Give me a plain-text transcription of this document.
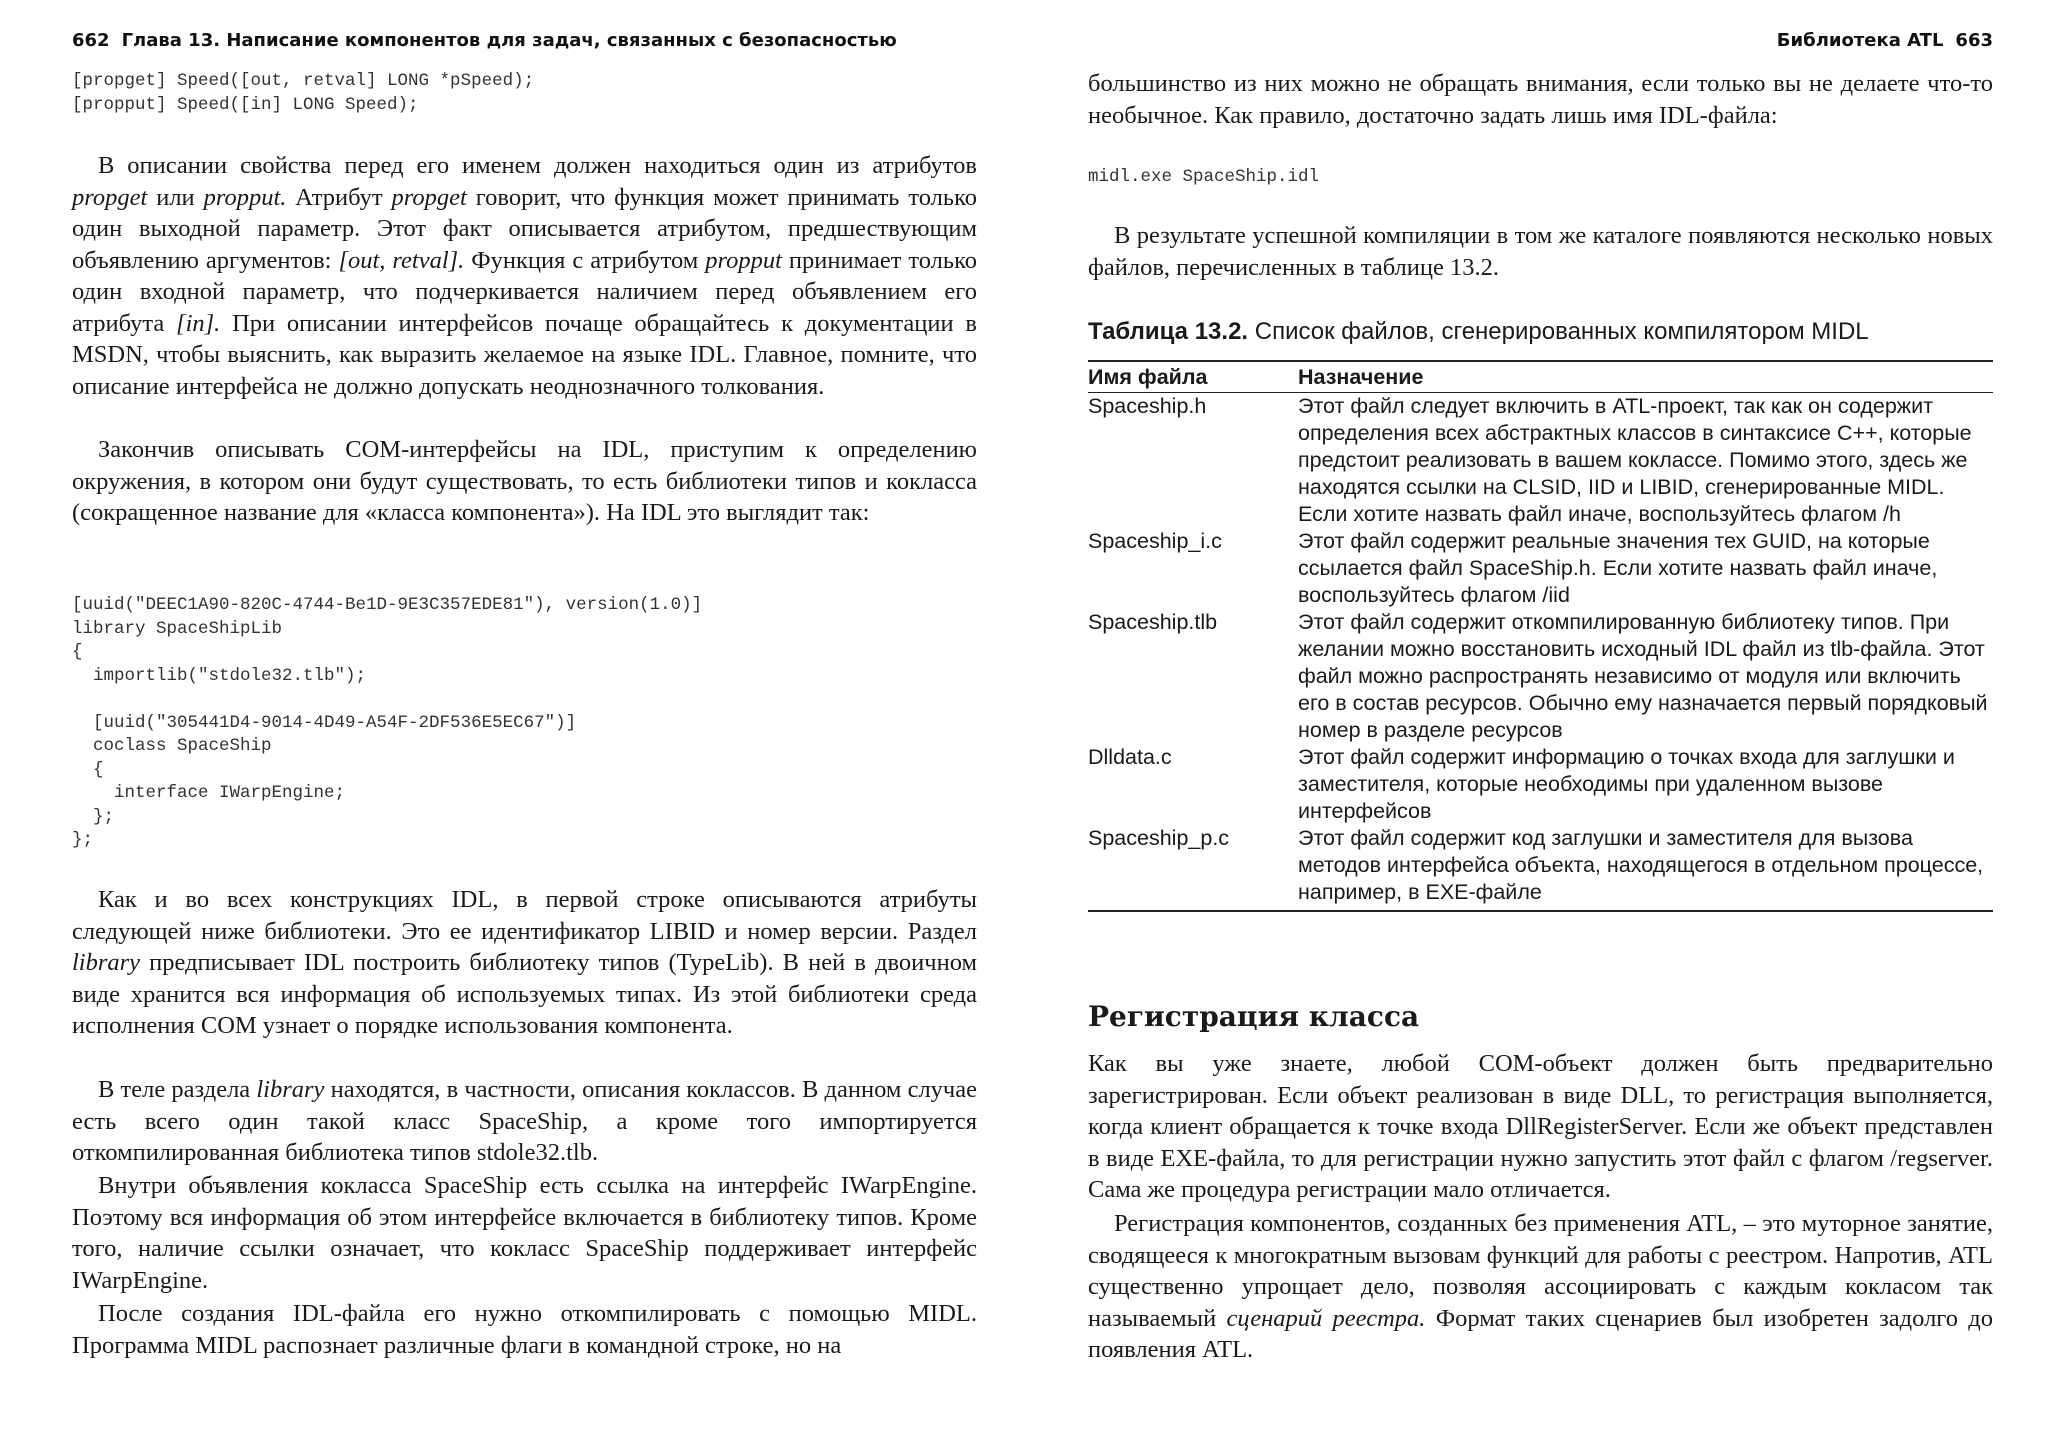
662 Глава 13. Написание компонентов для задач, связанных с безопасностью
[propget] Speed([out, retval] LONG *pSpeed);
[propput] Speed([in] LONG Speed);

В описании свойства перед его именем должен находиться один из атрибутов propget или propput. Атрибут propget говорит, что функция может принимать только один выходной параметр. Этот факт описывается атрибутом, предшествующим объявлению аргументов: [out, retval]. Функция с атрибутом propput принимает только один входной параметр, что подчеркивается наличием перед объявлением его атрибута [in]. При описании интерфейсов почаще обращайтесь к документации в MSDN, чтобы выяснить, как выразить желаемое на языке IDL. Главное, помните, что описание интерфейса не должно допускать неоднозначного толкования.

Закончив описывать COM-интерфейсы на IDL, приступим к определению окружения, в котором они будут существовать, то есть библиотеки типов и кокласса (сокращенное название для «класса компонента»). На IDL это выглядит так:

[uuid("DEEC1A90-820C-4744-Be1D-9E3C357EDE81"), version(1.0)]
library SpaceShipLib
{
importlib("stdole32.tlb");

[uuid("305441D4-9014-4D49-A54F-2DF536E5EC67")]
coclass SpaceShip
{
interface IWarpEngine;
};
};

Как и во всех конструкциях IDL, в первой строке описываются атрибуты следующей ниже библиотеки. Это ее идентификатор LIBID и номер версии. Раздел library предписывает IDL построить библиотеку типов (TypeLib). В ней в двоичном виде хранится вся информация об используемых типах. Из этой библиотеки среда исполнения COM узнает о порядке использования компонента.

В теле раздела library находятся, в частности, описания коклассов. В данном случае есть всего один такой класс SpaceShip, а кроме того импортируется откомпилированная библиотека типов stdole32.tlb.

Внутри объявления кокласса SpaceShip есть ссылка на интерфейс IWarpEngine. Поэтому вся информация об этом интерфейсе включается в библиотеку типов. Кроме того, наличие ссылки означает, что кокласс SpaceShip поддерживает интерфейс IWarpEngine.

После создания IDL-файла его нужно откомпилировать с помощью MIDL. Программа MIDL распознает различные флаги в командной строке, но на

Библиотека ATL 663

большинство из них можно не обращать внимания, если только вы не делаете что-то необычное. Как правило, достаточно задать лишь имя IDL-файла:

midl.exe SpaceShip.idl

В результате успешной компиляции в том же каталоге появляются несколько новых файлов, перечисленных в таблице 13.2.

Таблица 13.2. Список файлов, сгенерированных компилятором MIDL

Имя файла	Назначение
Spaceship.h	Этот файл следует включить в ATL-проект, так как он содержит определения всех абстрактных классов в синтаксисе C++, которые предстоит реализовать в вашем коклассе. Помимо этого, здесь же находятся ссылки на CLSID, IID и LIBID, сгенерированные MIDL. Если хотите назвать файл иначе, воспользуйтесь флагом /h
Spaceship_i.c	Этот файл содержит реальные значения тех GUID, на которые ссылается файл SpaceShip.h. Если хотите назвать файл иначе, воспользуйтесь флагом /iid
Spaceship.tlb	Этот файл содержит откомпилированную библиотеку типов. При желании можно восстановить исходный IDL файл из tlb-файла. Этот файл можно распространять независимо от модуля или включить его в состав ресурсов. Обычно ему назначается первый порядковый номер в разделе ресурсов
Dlldata.c	Этот файл содержит информацию о точках входа для заглушки и заместителя, которые необходимы при удаленном вызове интерфейсов
Spaceship_p.c	Этот файл содержит код заглушки и заместителя для вызова методов интерфейса объекта, находящегося в отдельном процессе, например, в EXE-файле
Регистрация класса

Как вы уже знаете, любой COM-объект должен быть предварительно зарегистрирован. Если объект реализован в виде DLL, то регистрация выполняется, когда клиент обращается к точке входа DllRegisterServer. Если же объект представлен в виде EXE-файла, то для регистрации нужно запустить этот файл с флагом /regserver. Сама же процедура регистрации мало отличается.

Регистрация компонентов, созданных без применения ATL, – это муторное занятие, сводящееся к многократным вызовам функций для работы с реестром. Напротив, ATL существенно упрощает дело, позволяя ассоциировать с каждым кокласом так называемый сценарий реестра. Формат таких сценариев был изобретен задолго до появления ATL.
